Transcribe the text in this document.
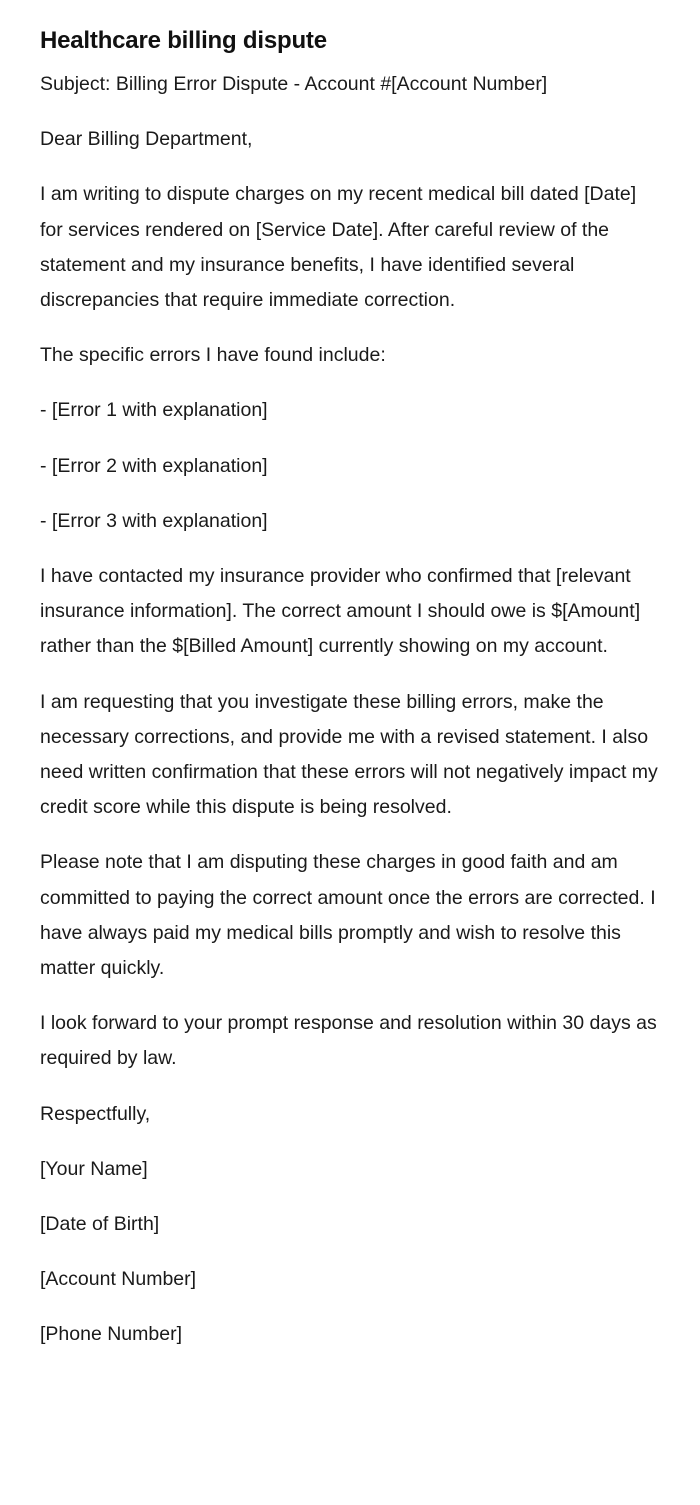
Healthcare billing dispute

Subject: Billing Error Dispute - Account #[Account Number]

Dear Billing Department,

I am writing to dispute charges on my recent medical bill dated [Date] for services rendered on [Service Date]. After careful review of the statement and my insurance benefits, I have identified several discrepancies that require immediate correction.

The specific errors I have found include:

- [Error 1 with explanation]

- [Error 2 with explanation]

- [Error 3 with explanation]

I have contacted my insurance provider who confirmed that [relevant insurance information]. The correct amount I should owe is $[Amount] rather than the $[Billed Amount] currently showing on my account.

I am requesting that you investigate these billing errors, make the necessary corrections, and provide me with a revised statement. I also need written confirmation that these errors will not negatively impact my credit score while this dispute is being resolved.

Please note that I am disputing these charges in good faith and am committed to paying the correct amount once the errors are corrected. I have always paid my medical bills promptly and wish to resolve this matter quickly.

I look forward to your prompt response and resolution within 30 days as required by law.

Respectfully,

[Your Name]

[Date of Birth]

[Account Number]

[Phone Number]
